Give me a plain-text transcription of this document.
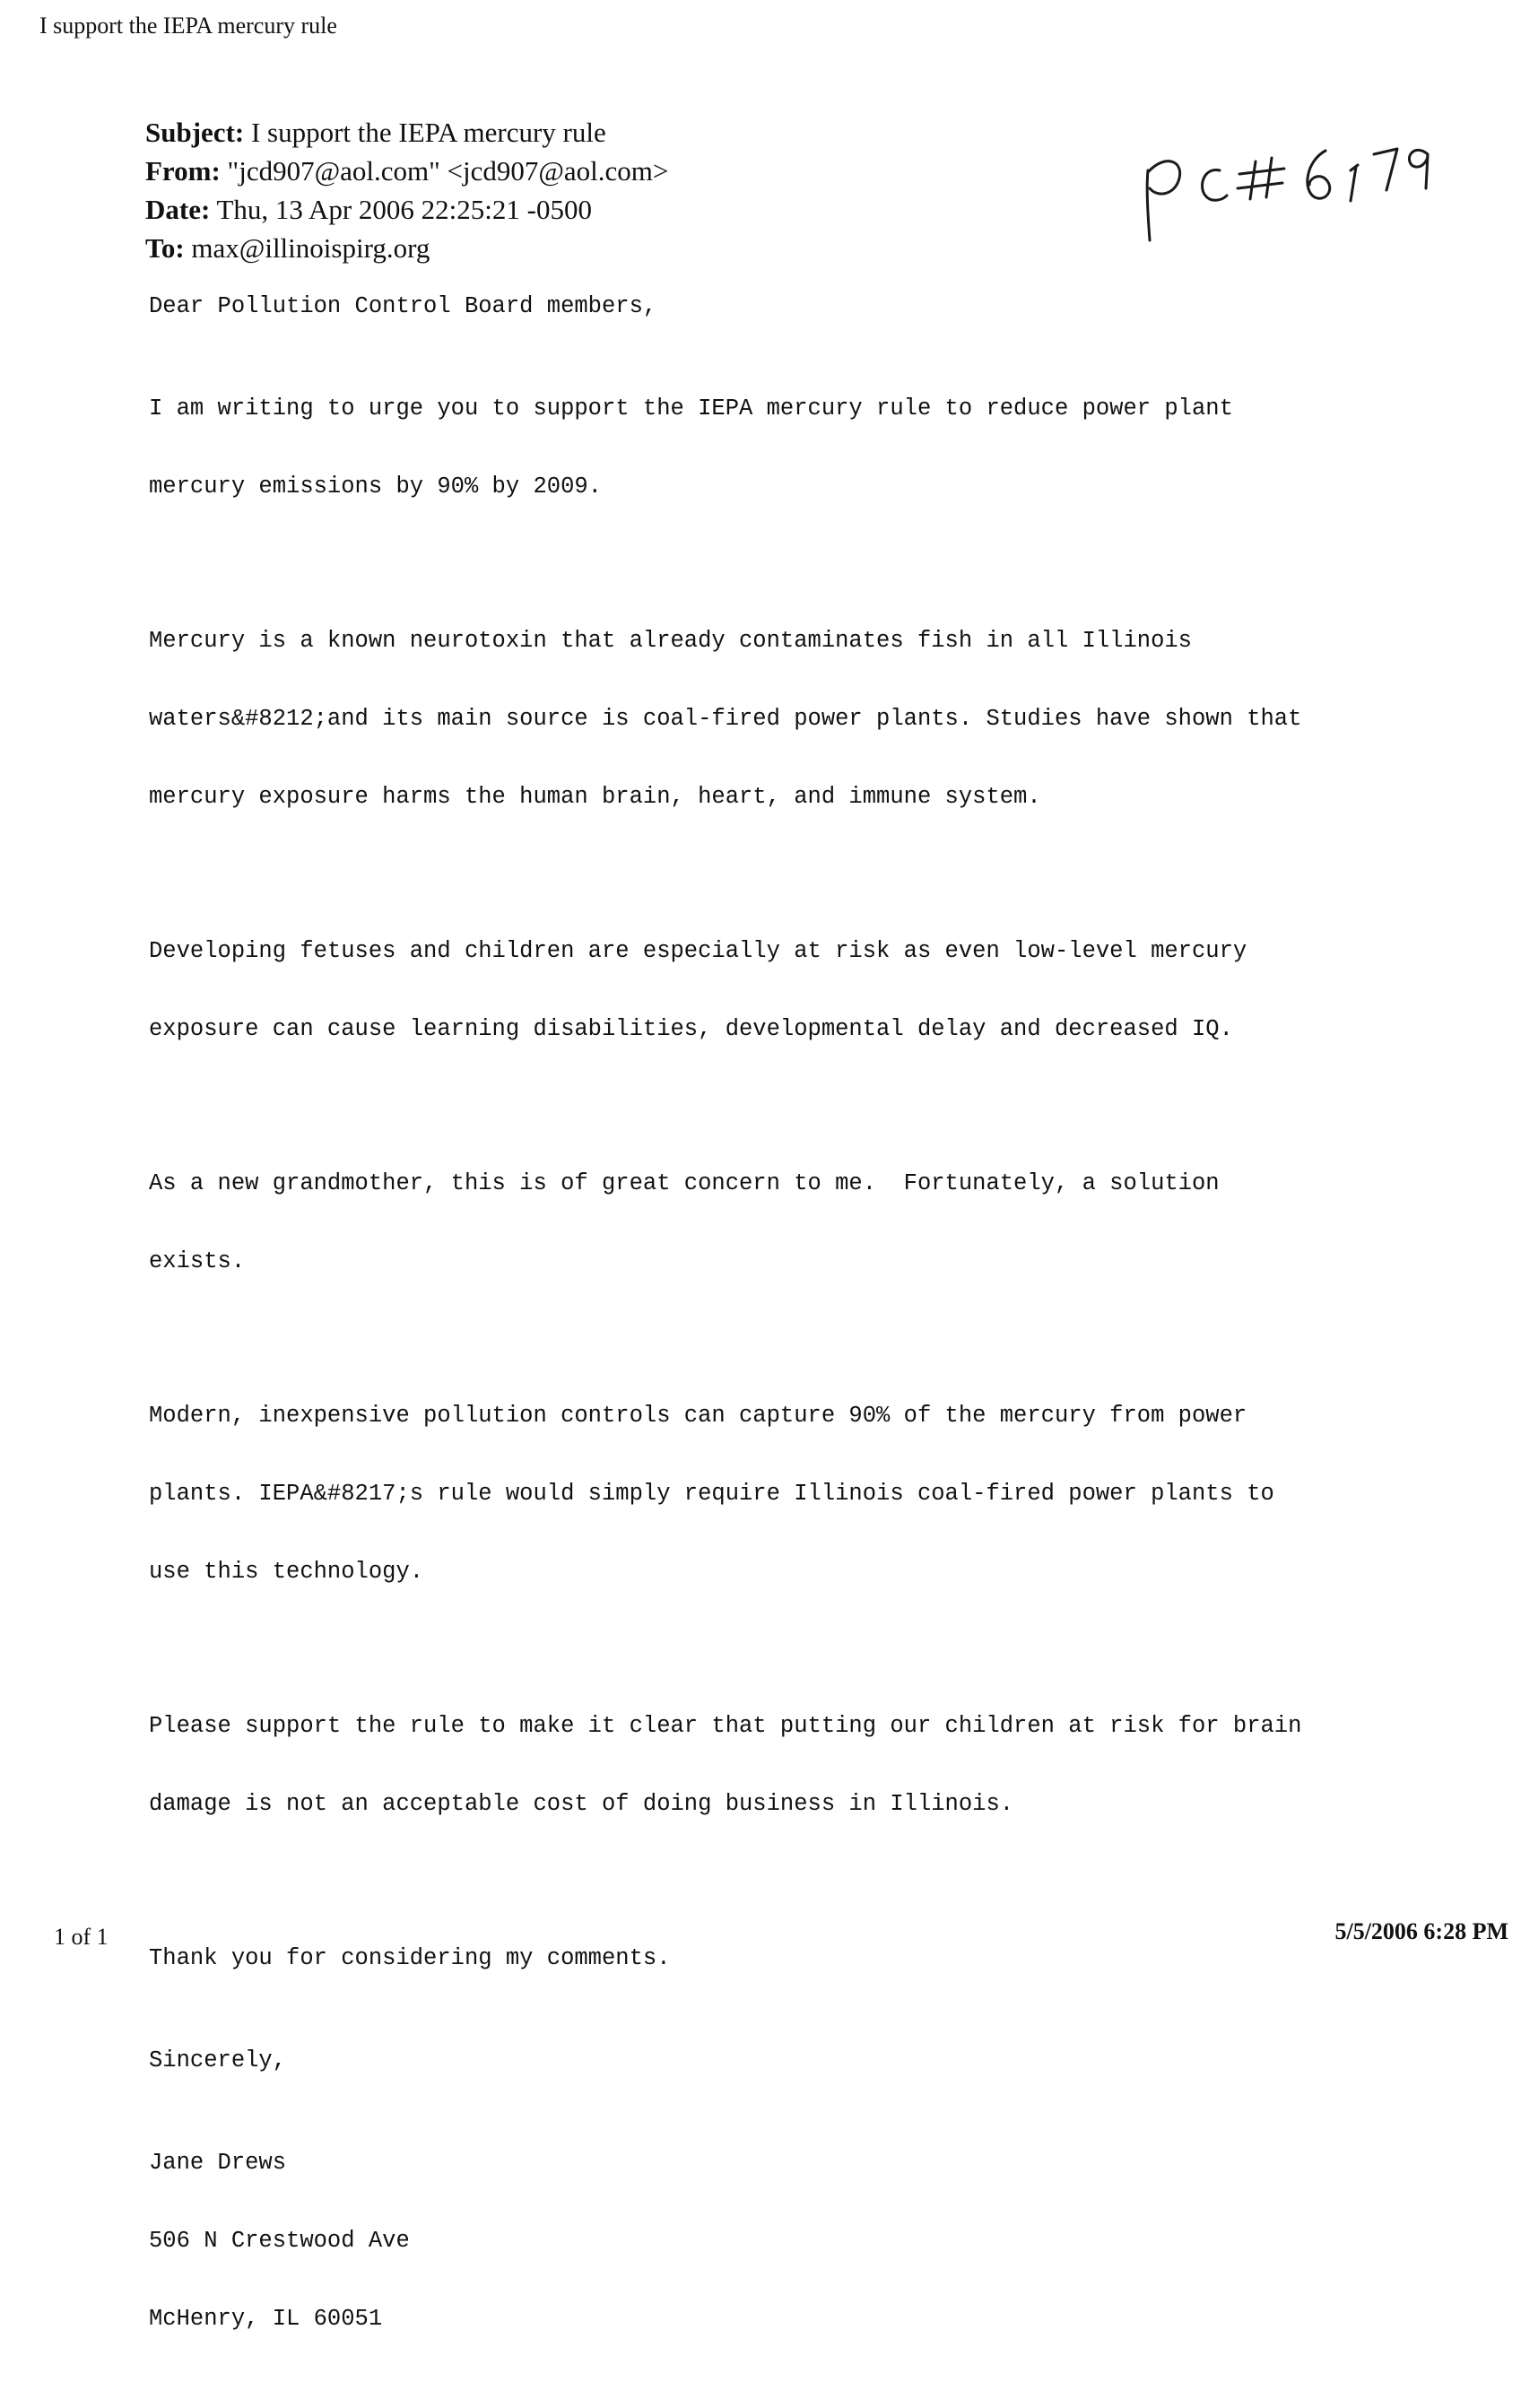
I support the IEPA mercury rule
Subject: I support the IEPA mercury rule
From: "jcd907@aol.com" <jcd907@aol.com>
Date: Thu, 13 Apr 2006 22:25:21 -0500
To: max@illinoispirg.org
Dear Pollution Control Board members,

I am writing to urge you to support the IEPA mercury rule to reduce power plant

mercury emissions by 90% by 2009.

Mercury is a known neurotoxin that already contaminates fish in all Illinois

waters&#8212;and its main source is coal-fired power plants. Studies have shown that

mercury exposure harms the human brain, heart, and immune system.

Developing fetuses and children are especially at risk as even low-level mercury

exposure can cause learning disabilities, developmental delay and decreased IQ.

As a new grandmother, this is of great concern to me.  Fortunately, a solution

exists.

Modern, inexpensive pollution controls can capture 90% of the mercury from power

plants. IEPA&#8217;s rule would simply require Illinois coal-fired power plants to

use this technology.

Please support the rule to make it clear that putting our children at risk for brain

damage is not an acceptable cost of doing business in Illinois.

Thank you for considering my comments.

Sincerely,

Jane Drews

506 N Crestwood Ave

McHenry, IL 60051

1 of 1	5/5/2006 6:28 PM
